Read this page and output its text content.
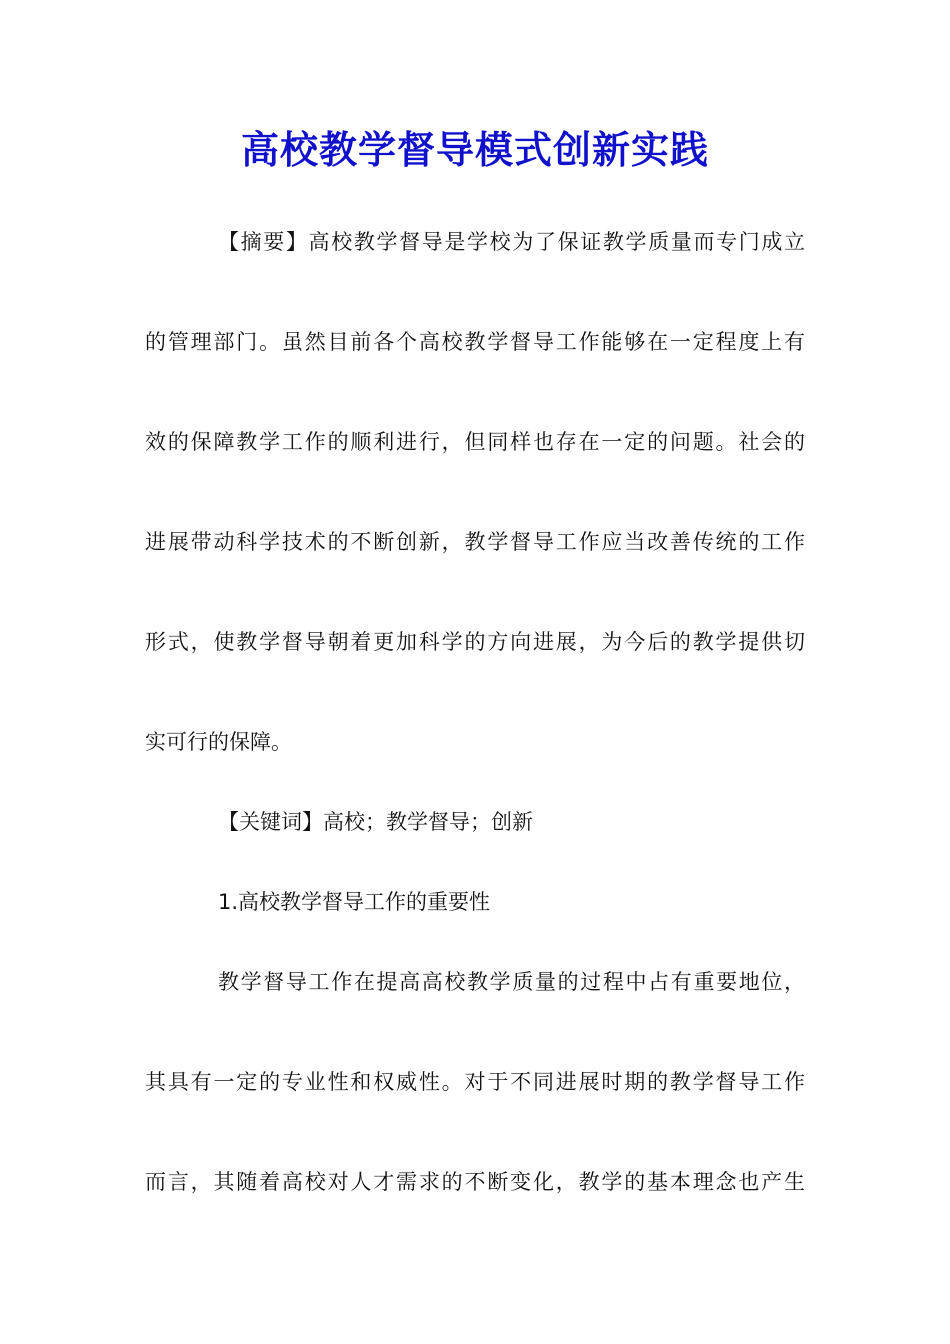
高校教学督导模式创新实践
【摘要】高校教学督导是学校为了保证教学质量而专门成立
的管理部门。虽然目前各个高校教学督导工作能够在一定程度上有
效的保障教学工作的顺利进行，但同样也存在一定的问题。社会的
进展带动科学技术的不断创新，教学督导工作应当改善传统的工作
形式，使教学督导朝着更加科学的方向进展，为今后的教学提供切
实可行的保障。
【关键词】高校；教学督导；创新
1.高校教学督导工作的重要性
教学督导工作在提高高校教学质量的过程中占有重要地位，
其具有一定的专业性和权威性。对于不同进展时期的教学督导工作
而言，其随着高校对人才需求的不断变化，教学的基本理念也产生
